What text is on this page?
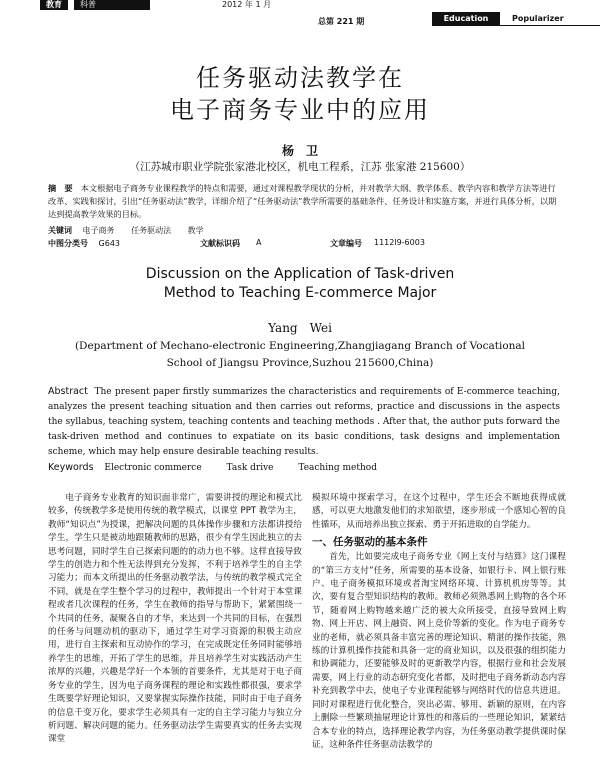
教育	科普	2012 年 1 月
总第 221 期	Education	Popularizer
任务驱动法教学在
电子商务专业中的应用
杨　卫
（江苏城市职业学院张家港北校区，机电工程系，江苏 张家港 215600）
摘　要　 本文根据电子商务专业课程教学的特点和需要，通过对课程教学现状的分析，并对教学大纲、教学体系、教学内容和教学方法等进行改革、实践和探讨，引出“任务驱动法”教学，详细介绍了“任务驱动法”教学所需要的基础条件、任务设计和实施方案，并进行具体分析，以期达到提高教学效果的目标。
关键词 电子商务 任务驱动法 教学
中图分类号 G643	文献标识码 A	文章编号 1112l9-6003
Discussion on the Application of Task-driven
Method to Teaching E-commerce Major
Yang　Wei
(Department of Mechano-electronic Engineering,Zhangjiagang Branch of Vocational School of Jiangsu Province,Suzhou 215600,China)
Abstract The present paper firstly summarizes the characteristics and requirements of E-commerce teaching, analyzes the present teaching situation and then carries out reforms, practice and discussions in the aspects the syllabus, teaching system, teaching contents and teaching methods . After that, the author puts forward the task-driven method and continues to expatiate on its basic conditions, task designs and implementation scheme, which may help ensure desirable teaching results.
Keywords Electronic commerce	Task drive	Teaching method

电子商务专业教育的知识面非常广，需要讲授的理论和模式比较多，传统教学多是使用传统的教学模式，以课堂 PPT 教学为主，教师“知识点”为授课，把解决问题的具体操作步骤和方法都讲授给学生，学生只是被动地跟随教师的思路，很少有学生因此独立的去思考问题，同时学生自己探索问题的的动力也不够。这样直接导致学生的创造力和个性无法得到充分发挥，不利于培养学生的自主学习能力；而本文所提出的任务驱动教学法，与传统的教学模式完全不同，就是在学生整个学习的过程中，教师提出一个针对于本堂课程或者几次课程的任务，学生在教师的指导与帮助下，紧紧围绕一个共同的任务，凝聚各自的才华，来达到一个共同的目标，在强烈的任务与问题动机的驱动下，通过学生对学习资源的积极主动应用，进行自主探索和互动协作的学习，在完成既定任务同时能够培养学生的思维，开拓了学生的思维，并且培养学生对实践活动产生浓厚的兴趣，兴趣是学好一个本领的首要条件，尤其是对于电子商务专业的学生，因为电子商务课程的理论和实践性都很强，要求学生既要学好理论知识，又要掌握实际操作技能，同时由于电子商务的信息千变万化，要求学生必须具有一定的自主学习能力与独立分析问题、解决问题的能力。任务驱动法学生需要真实的任务去实现课堂

模拟环境中探索学习，在这个过程中，学生还会不断地获得成就感，可以更大地激发他们的求知欲望，逐步形成一个感知心智的良性循环，从而培养出独立探索、勇于开拓进取的自学能力。

一、任务驱动的基本条件

首先，比如要完成电子商务专业《网上支付与结算》这门课程的“第三方支付”任务，所需要的基本设备，如银行卡、网上银行账户、电子商务模拟环境或者淘宝网络环境、计算机机房等等。其次，要有复合型知识结构的教师。教师必须熟悉网上购物的各个环节，随着网上购物越来越广泛的被大众所接受，直接导致网上购物、网上开店、网上融资、网上竞价等新的变化。作为电子商务专业的老师，就必须具备丰富完善的理论知识、精湛的操作技能，熟练的计算机操作技能和具备一定的商业知识，以及很强的组织能力和协调能力，还要能够及时的更新教学内容，根据行业和社会发展需要，网上行业的动态研究变化者都，及时把电子商务新动态内容补充到教学中去，使电子专业课程能够与网络时代的信息共进退。同时对课程进行优化整合，突出必需、够用、新颖的原则，在内容上删除一些繁琐抽屉理论计算性的和落后的一些理论知识，紧紧结合本专业的特点，选择理论教学内容，为任务驱动教学提供课时保证，这种条件任务驱动法教学的
